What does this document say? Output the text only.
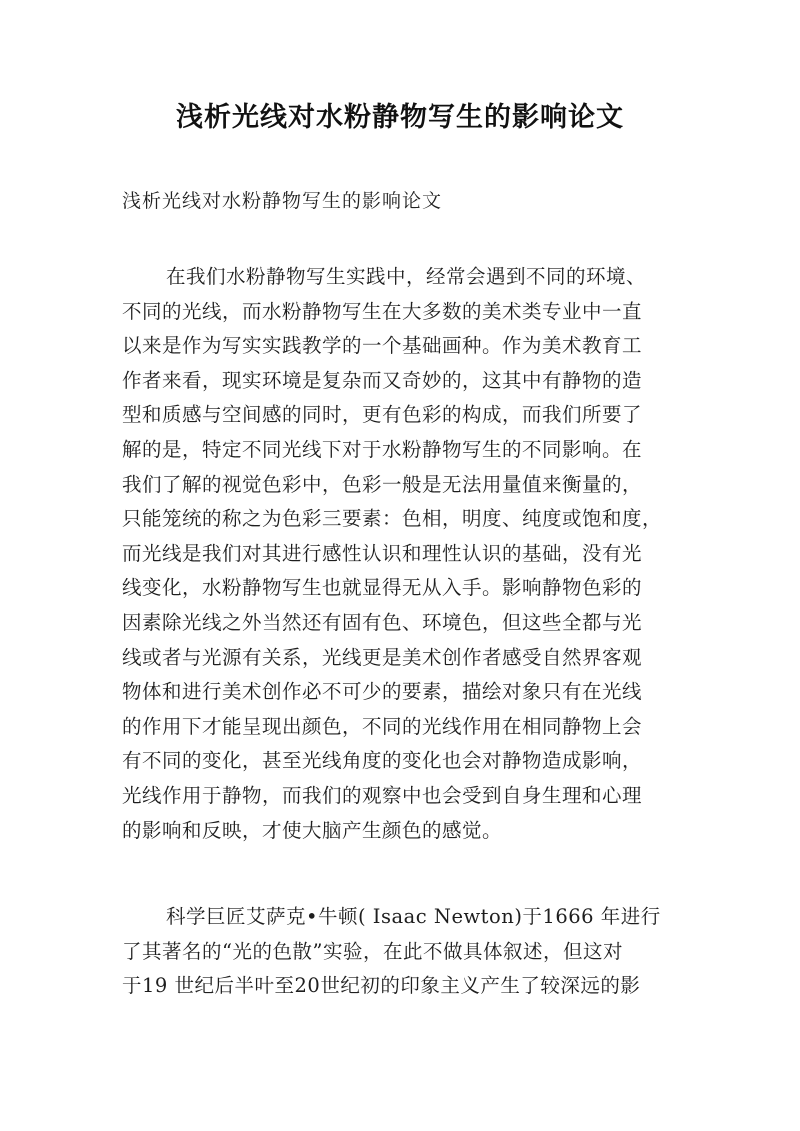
浅析光线对水粉静物写生的影响论文

浅析光线对水粉静物写生的影响论文

在我们水粉静物写生实践中，经常会遇到不同的环境、
不同的光线，而水粉静物写生在大多数的美术类专业中一直
以来是作为写实实践教学的一个基础画种。作为美术教育工
作者来看，现实环境是复杂而又奇妙的，这其中有静物的造
型和质感与空间感的同时，更有色彩的构成，而我们所要了
解的是，特定不同光线下对于水粉静物写生的不同影响。在
我们了解的视觉色彩中，色彩一般是无法用量值来衡量的，
只能笼统的称之为色彩三要素：色相，明度、纯度或饱和度，
而光线是我们对其进行感性认识和理性认识的基础，没有光
线变化，水粉静物写生也就显得无从入手。影响静物色彩的
因素除光线之外当然还有固有色、环境色，但这些全都与光
线或者与光源有关系，光线更是美术创作者感受自然界客观
物体和进行美术创作必不可少的要素，描绘对象只有在光线
的作用下才能呈现出颜色，不同的光线作用在相同静物上会
有不同的变化，甚至光线角度的变化也会对静物造成影响，
光线作用于静物，而我们的观察中也会受到自身生理和心理
的影响和反映，才使大脑产生颜色的感觉。
科学巨匠艾萨克•牛顿( Isaac Newton)于1666 年进行
了其著名的“光的色散”实验，在此不做具体叙述，但这对
于19 世纪后半叶至20世纪初的印象主义产生了较深远的影
